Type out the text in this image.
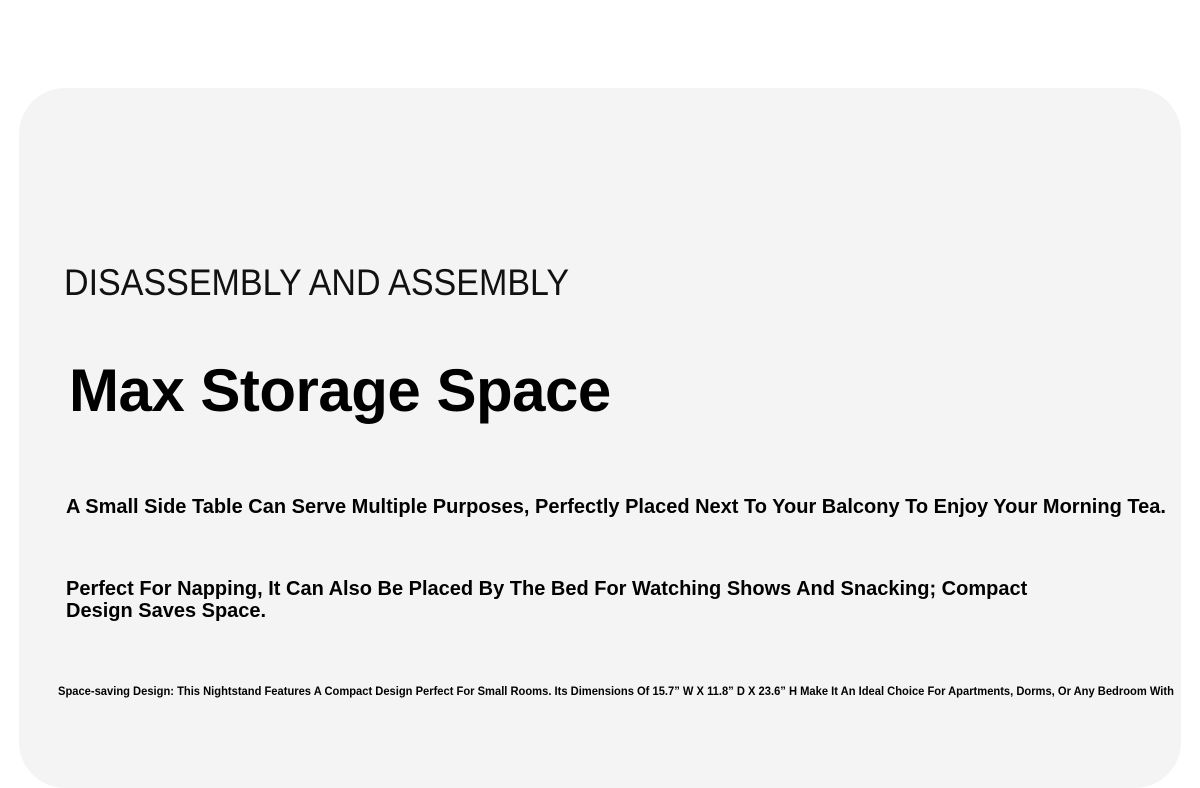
DISASSEMBLY AND ASSEMBLY
Max Storage Space

A Small Side Table Can Serve Multiple Purposes, Perfectly Placed Next To Your Balcony To Enjoy Your Morning Tea.

Perfect For Napping, It Can Also Be Placed By The Bed For Watching Shows And Snacking; Compact Design Saves Space.

Space-saving Design: This Nightstand Features A Compact Design Perfect For Small Rooms. Its Dimensions Of 15.7” W X 11.8” D X 23.6” H Make It An Ideal Choice For Apartments, Dorms, Or Any Bedroom With
